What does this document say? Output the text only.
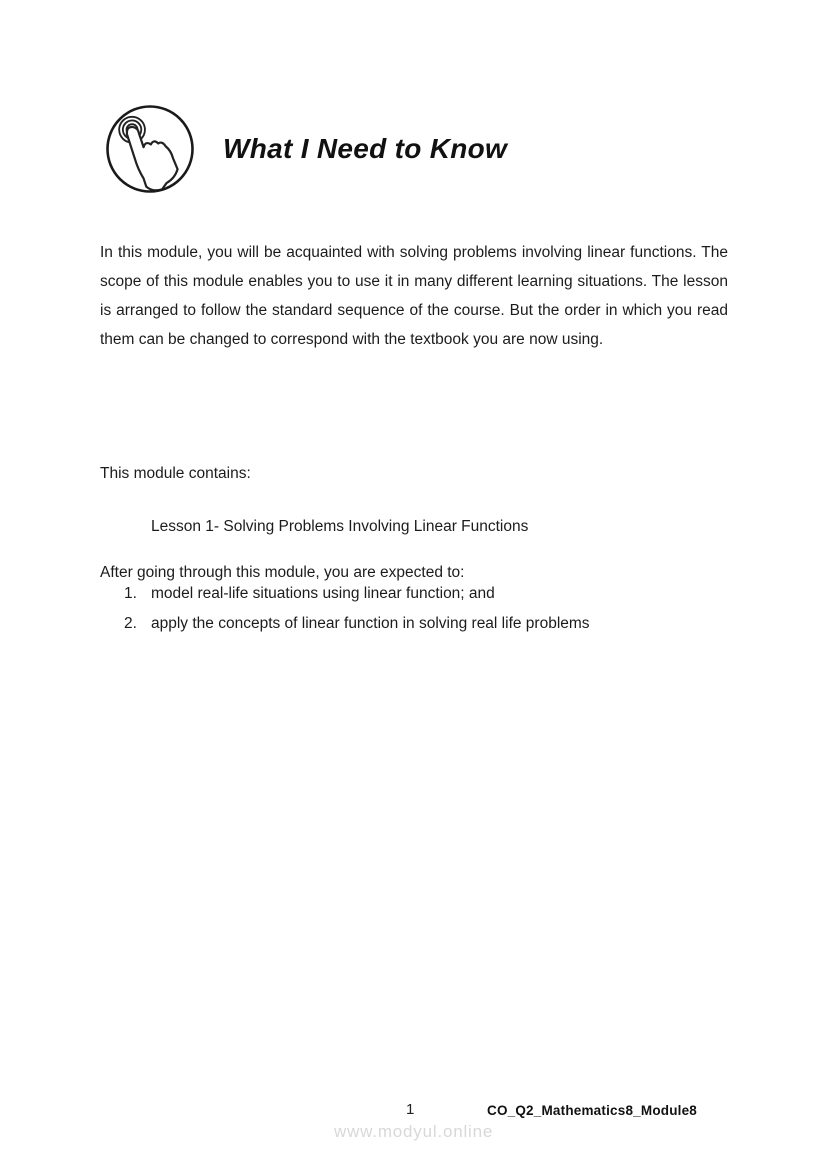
What I Need to Know

In this module, you will be acquainted with solving problems involving linear functions. The scope of this module enables you to use it in many different learning situations. The lesson is arranged to follow the standard sequence of the course. But the order in which you read them can be changed to correspond with the textbook you are now using.

This module contains:

Lesson 1- Solving Problems Involving Linear Functions

After going through this module, you are expected to:

1. model real-life situations using linear function; and
2. apply the concepts of linear function in solving real life problems
1	CO_Q2_Mathematics8_Module8
www.modyul.online
